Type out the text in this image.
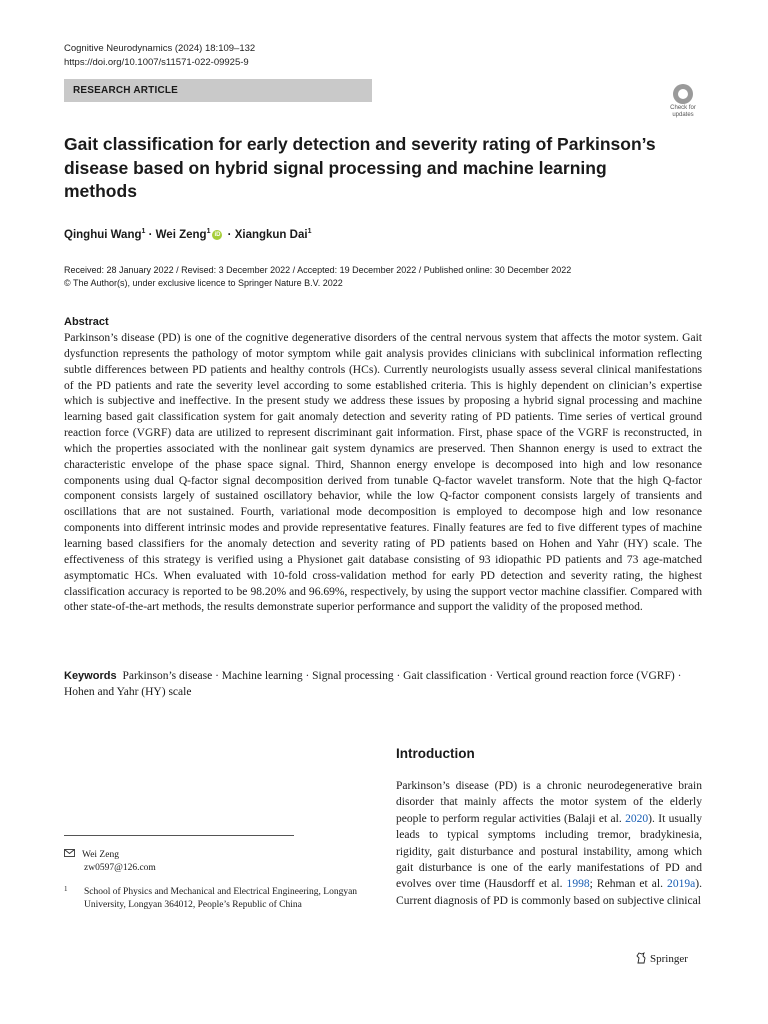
Cognitive Neurodynamics (2024) 18:109–132
https://doi.org/10.1007/s11571-022-09925-9
RESEARCH ARTICLE
Check for updates
Gait classification for early detection and severity rating of Parkinson’s disease based on hybrid signal processing and machine learning methods
Qinghui Wang$^1$ · Wei Zeng$^1$ iD · Xiangkun Dai$^1$
Received: 28 January 2022 / Revised: 3 December 2022 / Accepted: 19 December 2022 / Published online: 30 December 2022
© The Author(s), under exclusive licence to Springer Nature B.V. 2022
Abstract
Parkinson’s disease (PD) is one of the cognitive degenerative disorders of the central nervous system that affects the motor system. Gait dysfunction represents the pathology of motor symptom while gait analysis provides clinicians with subclinical information reflecting subtle differences between PD patients and healthy controls (HCs). Currently neurologists usually assess several clinical manifestations of the PD patients and rate the severity level according to some established criteria. This is highly dependent on clinician’s expertise which is subjective and ineffective. In the present study we address these issues by proposing a hybrid signal processing and machine learning based gait classification system for gait anomaly detection and severity rating of PD patients. Time series of vertical ground reaction force (VGRF) data are utilized to represent discriminant gait information. First, phase space of the VGRF is reconstructed, in which the properties associated with the nonlinear gait system dynamics are preserved. Then Shannon energy is used to extract the characteristic envelope of the phase space signal. Third, Shannon energy envelope is decomposed into high and low resonance components using dual Q-factor signal decomposition derived from tunable Q-factor wavelet transform. Note that the high Q-factor component consists largely of sustained oscillatory behavior, while the low Q-factor component consists largely of transients and oscillations that are not sustained. Fourth, variational mode decomposition is employed to decompose high and low resonance components into different intrinsic modes and provide representative features. Finally features are fed to five different types of machine learning based classifiers for the anomaly detection and severity rating of PD patients based on Hohen and Yahr (HY) scale. The effectiveness of this strategy is verified using a Physionet gait database consisting of 93 idiopathic PD patients and 73 age-matched asymptomatic HCs. When evaluated with 10-fold cross-validation method for early PD detection and severity rating, the highest classification accuracy is reported to be 98.20% and 96.69%, respectively, by using the support vector machine classifier. Compared with other state-of-the-art methods, the results demonstrate superior performance and support the validity of the proposed method.
Keywords Parkinson’s disease · Machine learning · Signal processing · Gait classification · Vertical ground reaction force (VGRF) · Hohen and Yahr (HY) scale
Introduction
Parkinson’s disease (PD) is a chronic neurodegenerative brain disorder that mainly affects the motor system of the elderly people to perform regular activities (Balaji et al. 2020). It usually leads to typical symptoms including tremor, bradykinesia, rigidity, gait disturbance and postural instability, among which gait disturbance is one of the early manifestations of PD and evolves over time (Hausdorff et al. 1998; Rehman et al. 2019a). Current diagnosis of PD is commonly based on subjective clinical
Wei Zeng
zw0597@126.com
1 School of Physics and Mechanical and Electrical Engineering, Longyan University, Longyan 364012, People’s Republic of China
Springer
